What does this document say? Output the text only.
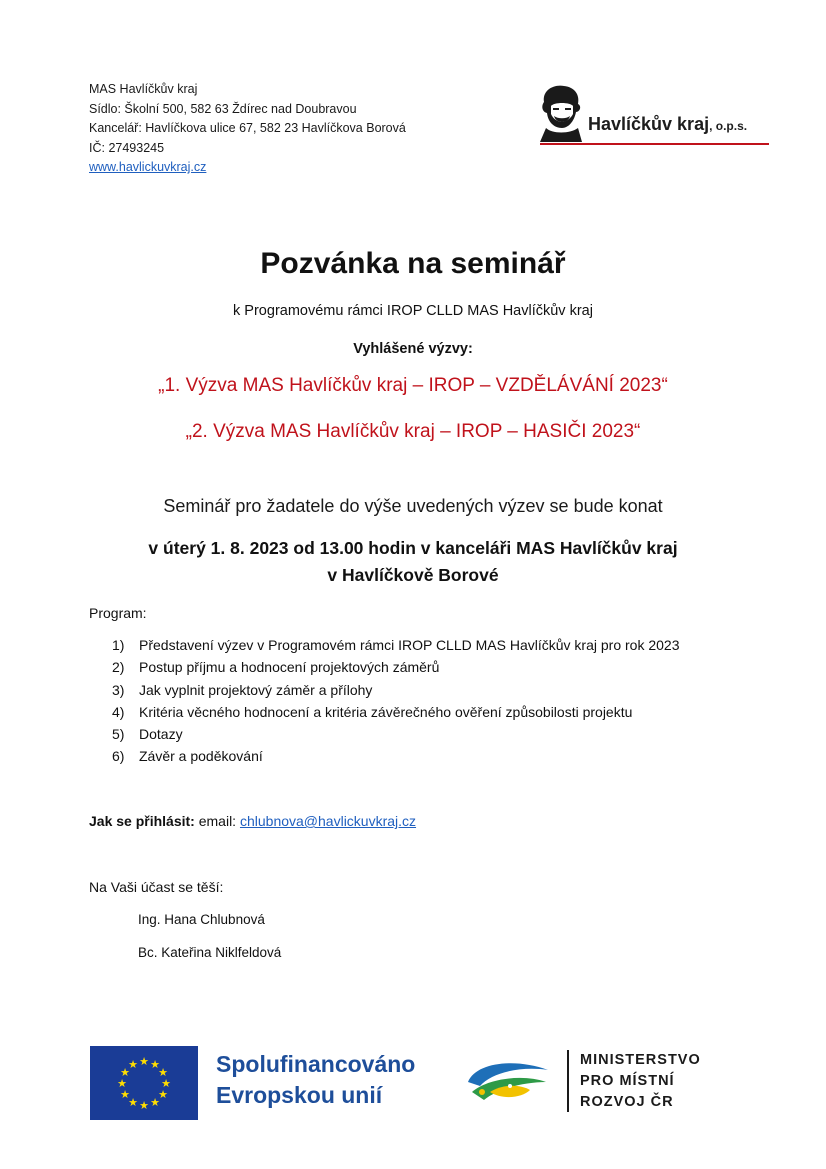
MAS Havlíčkův kraj
Sídlo: Školní 500, 582 63 Ždírec nad Doubravou
Kancelář: Havlíčkova ulice 67, 582 23 Havlíčkova Borová
IČ: 27493245
www.havlickuvkraj.cz
Havlíčkův kraj, o.p.s.
Pozvánka na seminář
k Programovému rámci IROP CLLD MAS Havlíčkův kraj
Vyhlášené výzvy:
„1. Výzva MAS Havlíčkův kraj – IROP – VZDĚLÁVÁNÍ 2023“
„2. Výzva MAS Havlíčkův kraj – IROP – HASIČI 2023“
Seminář pro žadatele do výše uvedených výzev se bude konat
v úterý 1. 8. 2023 od 13.00 hodin v kanceláři MAS Havlíčkův kraj
v Havlíčkově Borové
Program:
1)	Představení výzev v Programovém rámci IROP CLLD MAS Havlíčkův kraj pro rok 2023
2)	Postup příjmu a hodnocení projektových záměrů
3)	Jak vyplnit projektový záměr a přílohy
4)	Kritéria věcného hodnocení a kritéria závěrečného ověření způsobilosti projektu
5)	Dotazy
6)	Závěr a poděkování
Jak se přihlásit: email: chlubnova@havlickuvkraj.cz
Na Vaši účast se těší:
Ing. Hana Chlubnová
Bc. Kateřina Niklfeldová
★ ★
★
★
★
★
★
★
★
★
★
★	Spolufinancováno
Evropskou unií
MINISTERSTVO
PRO MÍSTNÍ
ROZVOJ ČR
